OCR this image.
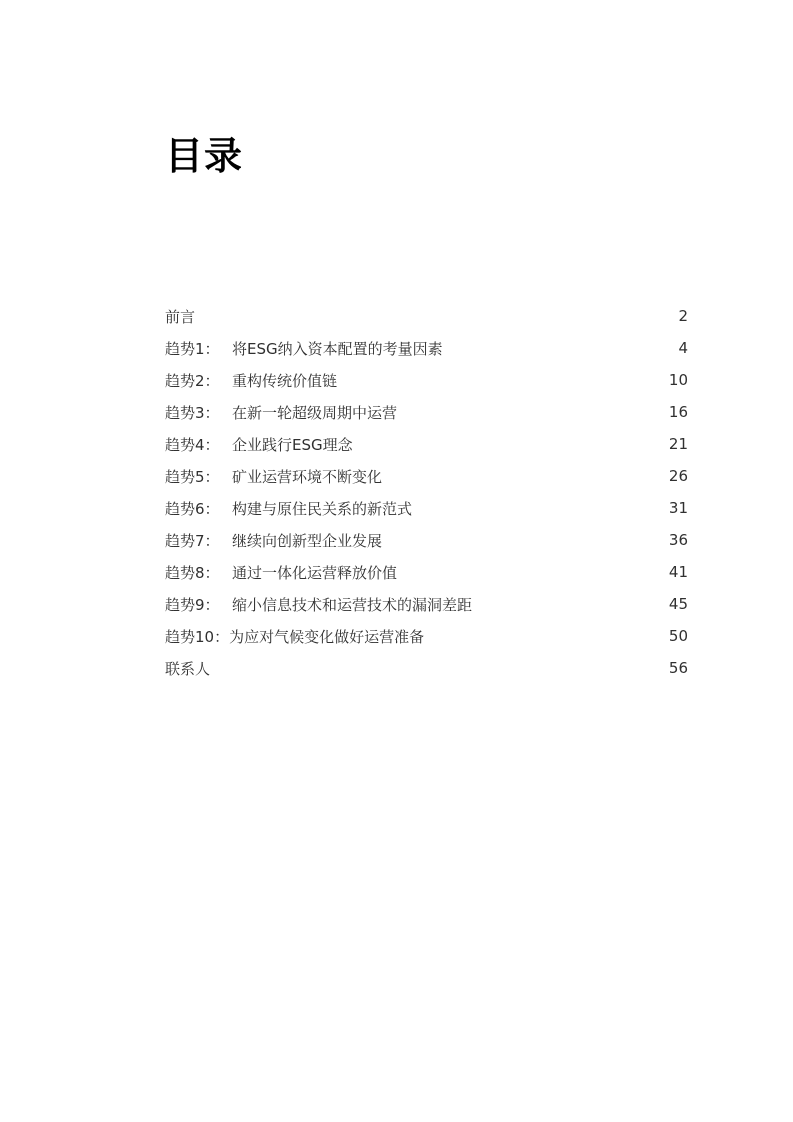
目录
前言	2
趋势1： 将ESG纳入资本配置的考量因素	4
趋势2： 重构传统价值链	10
趋势3： 在新一轮超级周期中运营	16
趋势4： 企业践行ESG理念	21
趋势5： 矿业运营环境不断变化	26
趋势6： 构建与原住民关系的新范式	31
趋势7： 继续向创新型企业发展	36
趋势8： 通过一体化运营释放价值	41
趋势9： 缩小信息技术和运营技术的漏洞差距	45
趋势10： 为应对气候变化做好运营准备	50
联系人	56
